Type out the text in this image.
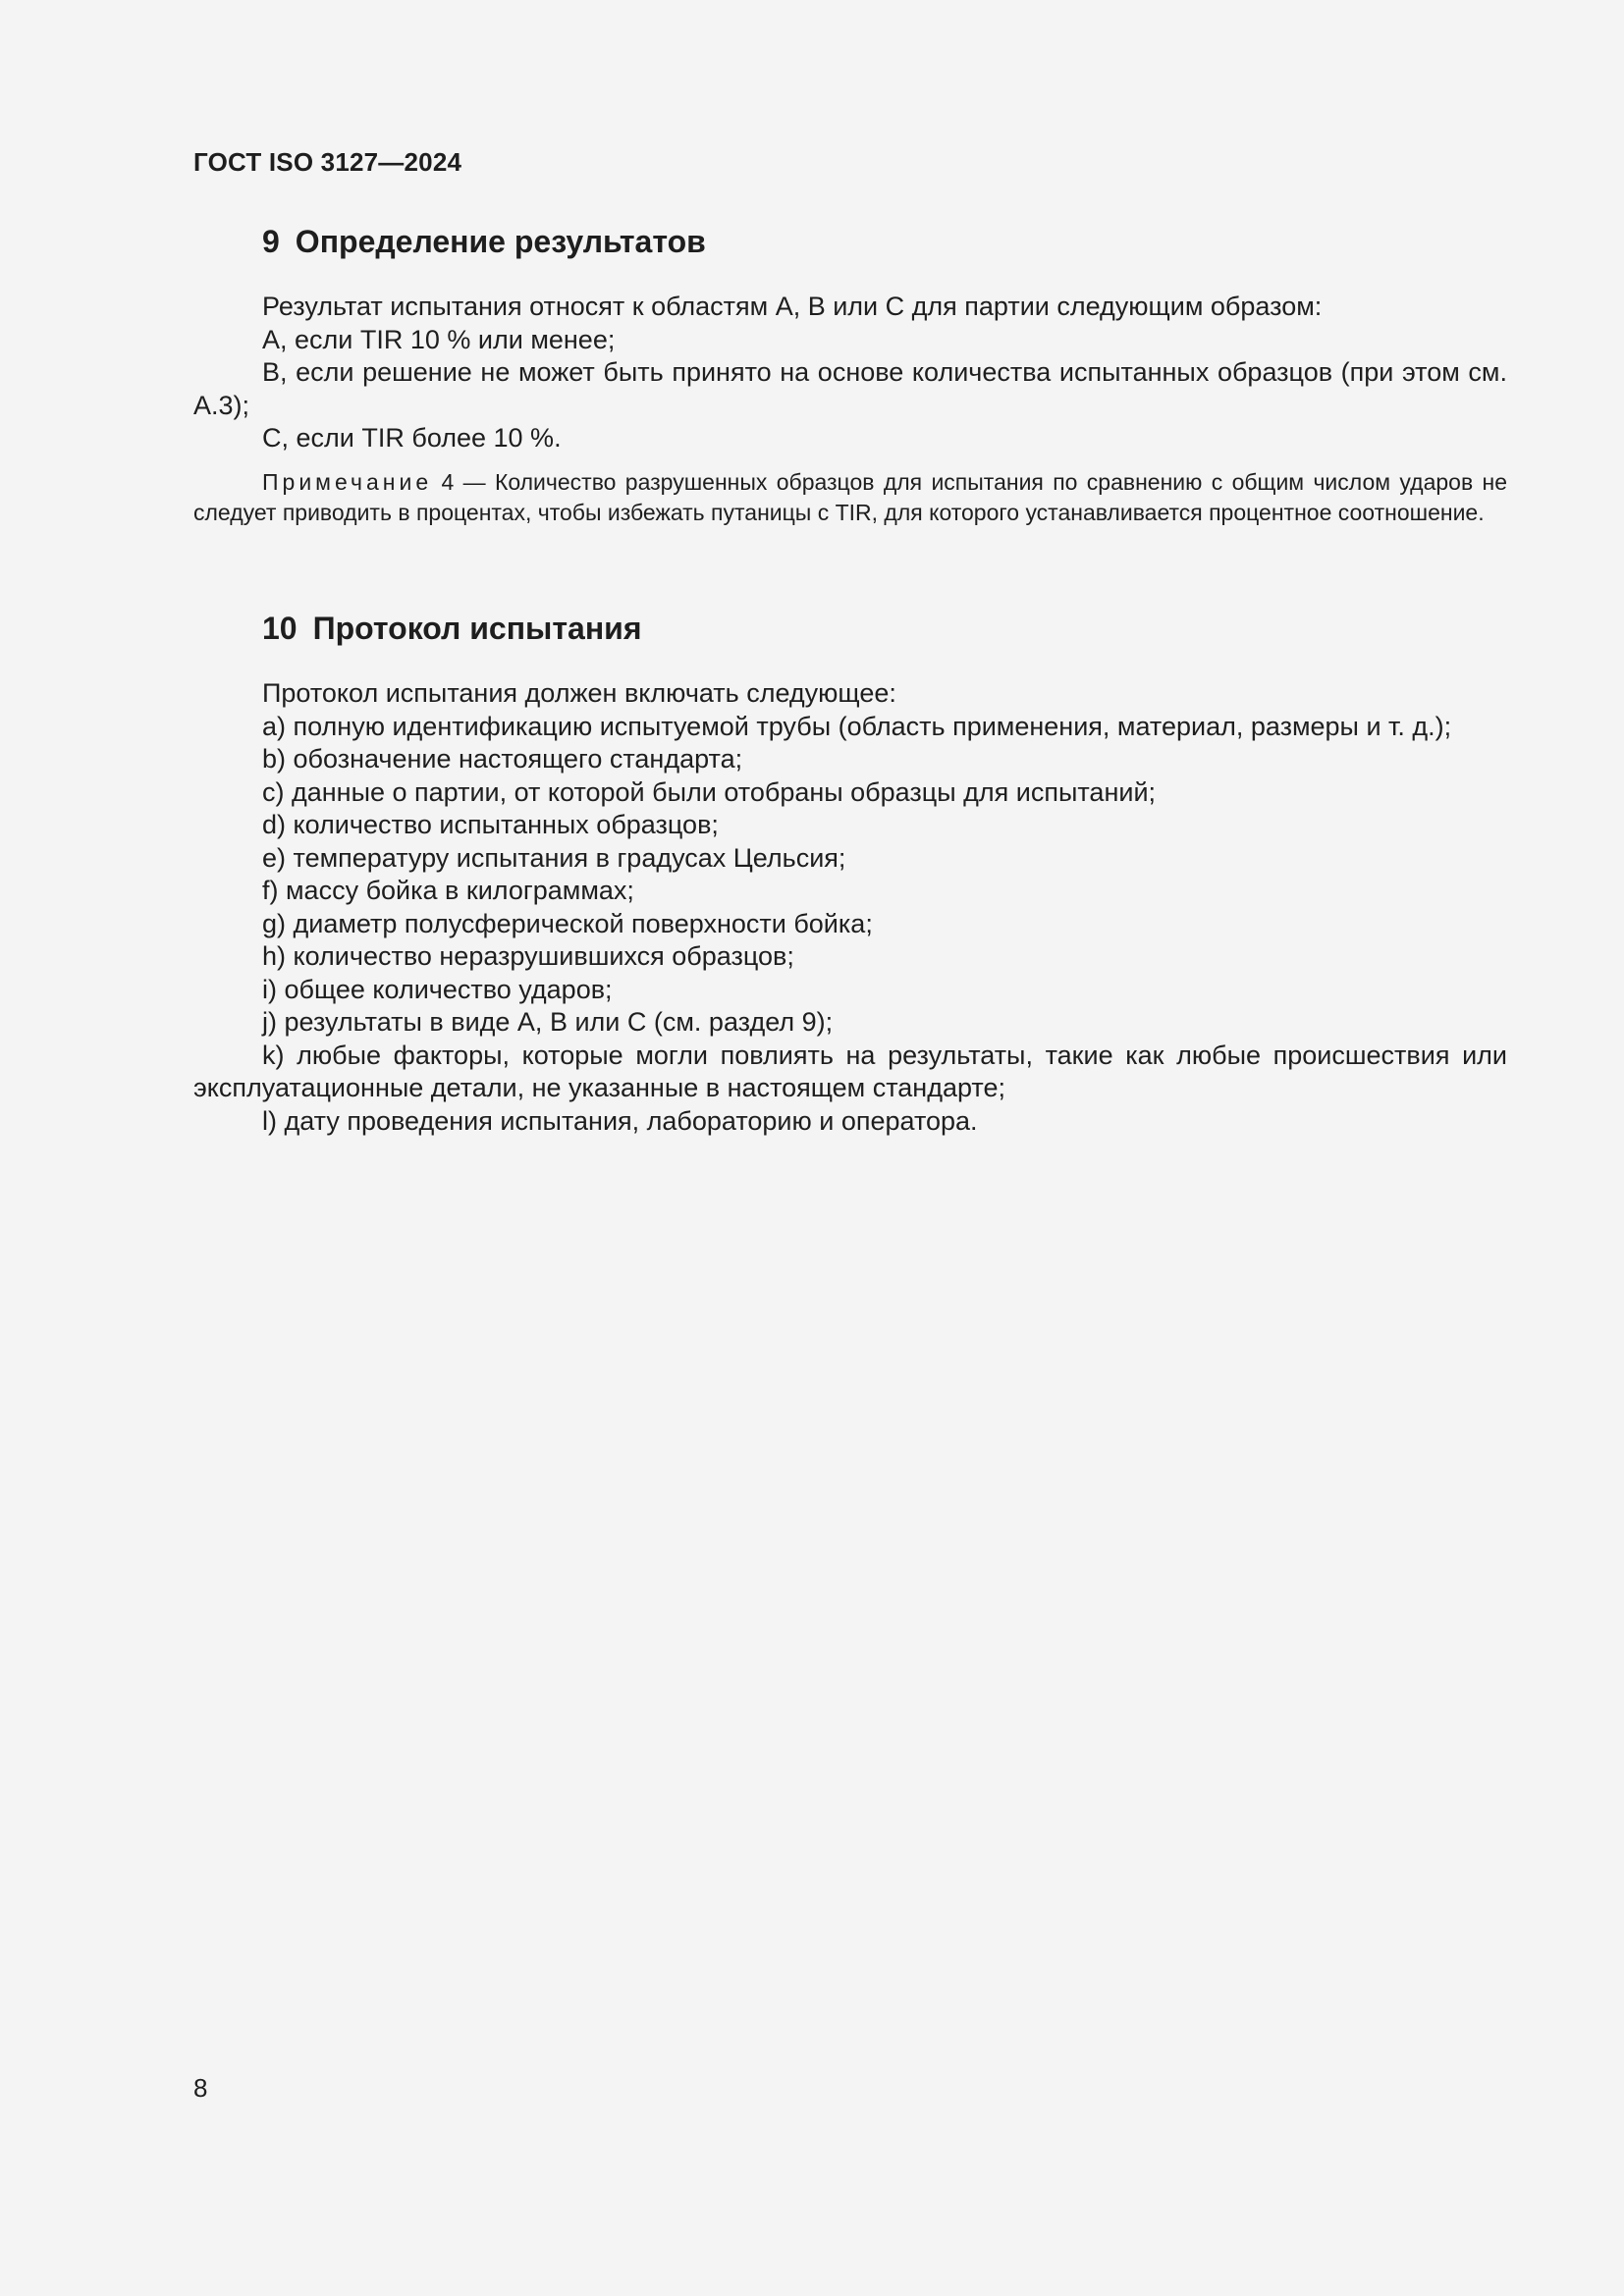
ГОСТ ISO 3127—2024
9 Определение результатов

Результат испытания относят к областям А, В или С для партии следующим образом:

А, если TIR 10 % или менее;

В, если решение не может быть принято на основе количества испытанных образцов (при этом см. А.3);

С, если TIR более 10 %.

Примечание 4 — Количество разрушенных образцов для испытания по сравнению с общим числом ударов не следует приводить в процентах, чтобы избежать путаницы с TIR, для которого устанавливается процентное соотношение.

10 Протокол испытания

Протокол испытания должен включать следующее:

a) полную идентификацию испытуемой трубы (область применения, материал, размеры и т. д.);

b) обозначение настоящего стандарта;

c) данные о партии, от которой были отобраны образцы для испытаний;

d) количество испытанных образцов;

e) температуру испытания в градусах Цельсия;

f) массу бойка в килограммах;

g) диаметр полусферической поверхности бойка;

h) количество неразрушившихся образцов;

i) общее количество ударов;

j) результаты в виде А, В или С (см. раздел 9);

k) любые факторы, которые могли повлиять на результаты, такие как любые происшествия или эксплуатационные детали, не указанные в настоящем стандарте;

l) дату проведения испытания, лабораторию и оператора.

8
